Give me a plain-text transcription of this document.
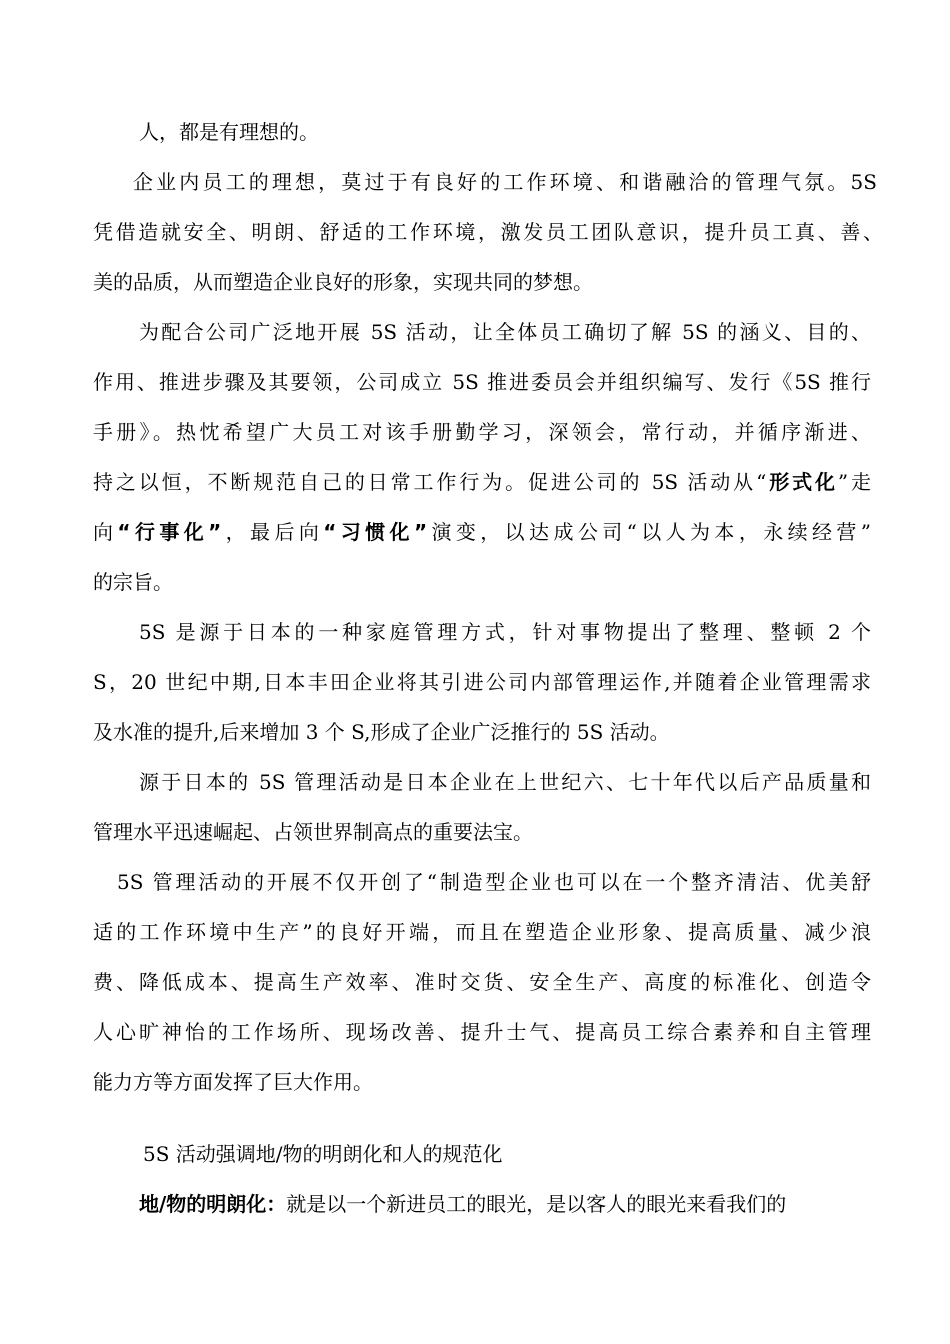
人，都是有理想的。
企业内员工的理想，莫过于有良好的工作环境、和谐融洽的管理气氛。5S
凭借造就安全、明朗、舒适的工作环境，激发员工团队意识，提升员工真、善、
美的品质，从而塑造企业良好的形象，实现共同的梦想。
为配合公司广泛地开展 5S 活动，让全体员工确切了解 5S 的涵义、目的、
作用、推进步骤及其要领，公司成立 5S 推进委员会并组织编写、发行《5S 推行
手册》。热忱希望广大员工对该手册勤学习，深领会，常行动，并循序渐进、
持之以恒，不断规范自己的日常工作行为。促进公司的 5S 活动从“形式化”走
向“行事化”，最后向“习惯化”演变，以达成公司“以人为本，永续经营”
的宗旨。
5S 是源于日本的一种家庭管理方式，针对事物提出了整理、整顿 2 个
S，20 世纪中期,日本丰田企业将其引进公司内部管理运作,并随着企业管理需求
及水准的提升,后来增加 3 个 S,形成了企业广泛推行的 5S 活动。
源于日本的 5S 管理活动是日本企业在上世纪六、七十年代以后产品质量和
管理水平迅速崛起、占领世界制高点的重要法宝。
5S 管理活动的开展不仅开创了“制造型企业也可以在一个整齐清洁、优美舒
适的工作环境中生产”的良好开端，而且在塑造企业形象、提高质量、减少浪
费、降低成本、提高生产效率、准时交货、安全生产、高度的标准化、创造令
人心旷神怡的工作场所、现场改善、提升士气、提高员工综合素养和自主管理
能力方等方面发挥了巨大作用。
5S 活动强调地/物的明朗化和人的规范化
地/物的明朗化：就是以一个新进员工的眼光，是以客人的眼光来看我们的
